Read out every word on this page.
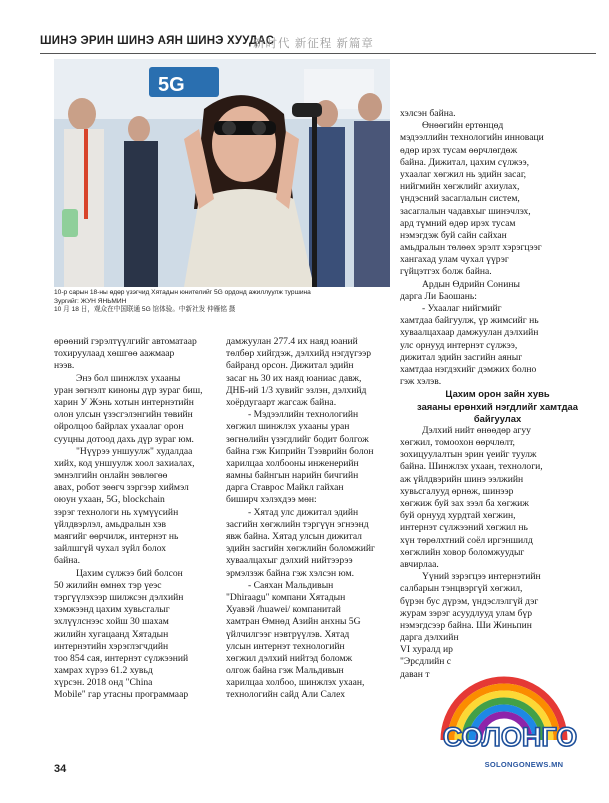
ШИНЭ ЭРИН ШИНЭ АЯН ШИНЭ ХУУДАС
新时代 新征程 新篇章
5G
10-р сарын 18-ны өдөр үзэгчид Хятадын юнителийг 5G ордонд ажиллуулж туршина
Зургийг: ЖУН ЯНЬМИН
10 月 18 日，观众在中国联通 5G 馆体验。中新社发 仲雁铭 摄
өрөөний гэрэлтүүлгийг автоматаар
тохируулаад хөшгөө аажмаар
нээв.
Энэ бол шинжлэх ухааны
уран зөгнэлт киноны дүр зураг биш,
харин У Жэнь хотын интернэтийн
олон улсын үзэсгэлэнгийн төвийн
ойролцоо байрлах ухаалаг орон
сууцны дотоод дахь дүр зураг юм.
"Нүүрээ уншуулж" худалдаа
хийх, код уншуулж хоол захиалах,
эмнэлгийн онлайн зөвлөгөө
авах, робот зөөгч зэргээр хиймэл
оюун ухаан, 5G, blockchain
зэрэг технологи нь хүмүүсийн
үйлдвэрлэл, амьдралын хэв
маягийг өөрчилж, интернэт нь
зайлшгүй чухал зүйл болох
байна.
Цахим сүлжээ бий болсон
50 жилийн өмнөх тэр үеэс
тэргүүлэхээр шилжсэн дэлхийн
хэмжээнд цахим хувьсгалыг
эхлүүлснээс хойш 30 шахам
жилийн хугацаанд Хятадын
интернэтийн хэрэглэгчдийн
тоо 854 сая, интернэт сүлжээний
хамрах хүрээ 61.2 хувьд
хүрсэн. 2018 онд "China
Mobile" гар утасны программаар
дамжуулан 277.4 их наяд юаний
төлбөр хийгдэж, дэлхийд нэгдүгээр
байранд орсон. Дижитал эдийн
засаг нь 30 их наяд юаниас давж,
ДНБ-ий 1/3 хувийг эзлэн, дэлхийд
хоёрдугаарт жагсаж байна.
- Мэдээллийн технологийн
хөгжил шинжлэх ухааны уран
зөгнөлийн үзэгдлийг бодит болгож
байна гэж Киприйн Тээврийн болон
харилцаа холбооны инженерийн
яамны байнгын нарийн бичгийн
дарга Ставрос Майкл гайхан
биширч хэлэхдээ мөн:
- Хятад улс дижитал эдийн
засгийн хөгжлийн тэргүүн эгнээнд
явж байна. Хятад улсын дижитал
эдийн засгийн хөгжлийн боломжийг
хуваалцахыг дэлхий нийтээрээ
эрмэлзэж байна гэж хэлсэн юм.
- Саяхан Мальдивын
"Dhiraagu" компани Хятадын
Хуавэй /huawei/ компанитай
хамтран Өмнөд Азийн анхны 5G
үйлчилгээг нэвтрүүлэв. Хятад
улсын интернэт технологийн
хөгжил дэлхий нийтэд боломж
олгож байна гэж Мальдивын
харилцаа холбоо, шинжлэх ухаан,
технологийн сайд Али Салех
хэлсэн байна.
Өнөөгийн ертөнцөд
мэдээллийн технологийн инноваци
өдөр ирэх тусам өөрчлөгдөж
байна. Дижитал, цахим сүлжээ,
ухаалаг хөгжил нь эдийн засаг,
нийгмийн хөгжлийг ахиулах,
үндэсний засаглалын систем,
засаглалын чадавхыг шинэчлэх,
ард түмний өдөр ирэх тусам
нэмэгдэж буй сайн сайхан
амьдралын төлөөх эрэлт хэрэгцээг
хангахад улам чухал үүрэг
гүйцэтгэх болж байна.
Ардын Өдрийн Сонины
дарга Ли Баошань:
- Ухаалаг нийгмийг
хамтдаа байгуулж, үр жимсийг нь
хуваалцахаар дамжуулан дэлхийн
улс орнууд интернэт сүлжээ,
дижитал эдийн засгийн аяныг
хамтдаа нэгдэхийг дэмжих болно
гэж хэлэв.
Цахим орон зайн хувь
заяаны ерөнхий нэгдлийг хамтдаа
байгуулах
Дэлхий нийт өнөөдөр агуу
хөгжил, томоохон өөрчлөлт,
зохицуулалтын эрин үеийг туулж
байна. Шинжлэх ухаан, технологи,
аж үйлдвэрийн шинэ ээлжийн
хувьсгалууд өрнөж, шинээр
хөгжиж буй зах зээл ба хөгжиж
буй орнууд хурдтай хөгжин,
интернэт сүлжээний хөгжил нь
хүн төрөлхтний соёл иргэншилд
хөгжлийн ховор боломжуудыг
авчирлаа.
Үүний зэрэгцээ интернэтийн
салбарын тэнцвэргүй хөгжил,
бүрэн бус дүрэм, үндэслэлгүй дэг
журам зэрэг асуудлууд улам бүр
нэмэгдсээр байна. Ши Жиньпин
дарга дэлхийн
VI хуралд ир
"Эрсдлийн с
даван т
34
СОЛОНГО
SOLONGONEWS.MN
